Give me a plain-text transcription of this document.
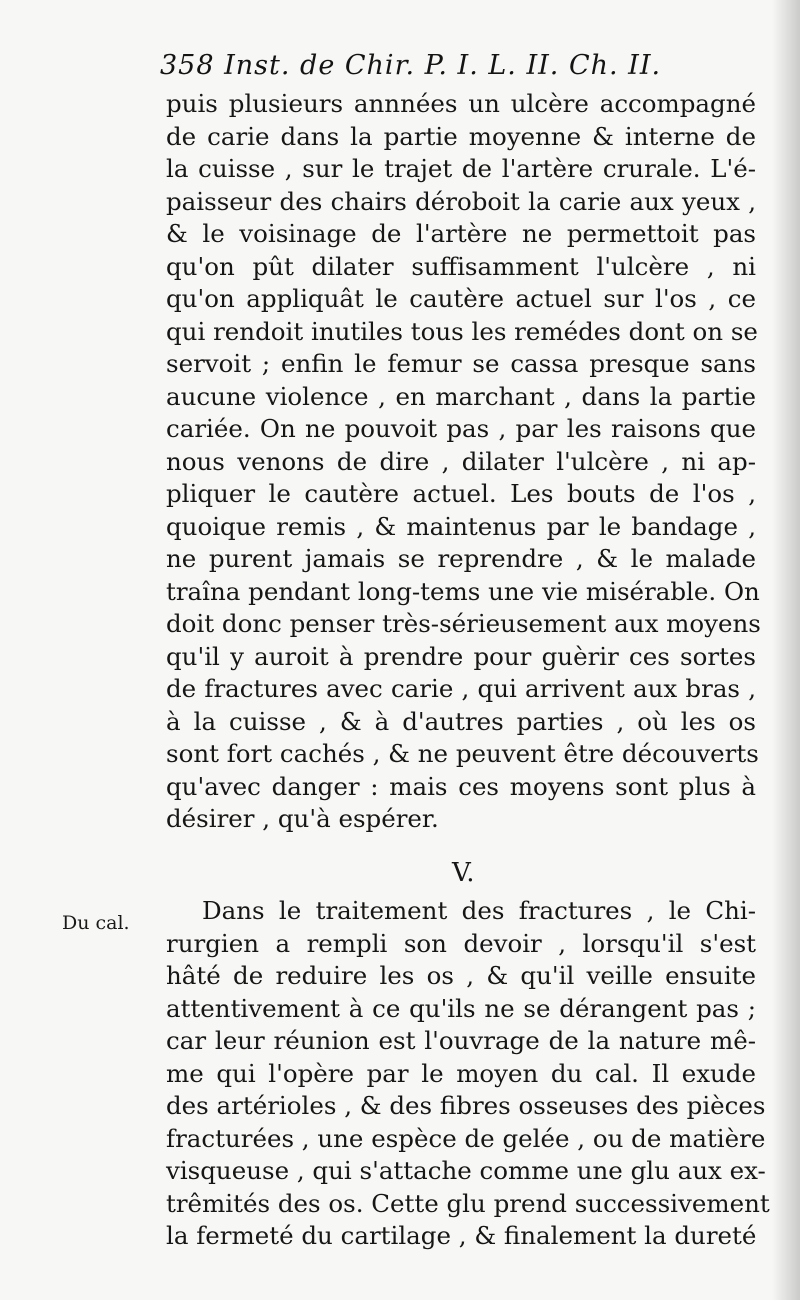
358 Inst. de Chir. P. I. L. II. Ch. II.
puis plusieurs annnées un ulcère accompagné
de carie dans la partie moyenne & interne de
la cuisse , sur le trajet de l'artère crurale. L'é-
paisseur des chairs déroboit la carie aux yeux ,
& le voisinage de l'artère ne permettoit pas
qu'on pût dilater suffisamment l'ulcère , ni
qu'on appliquât le cautère actuel sur l'os , ce
qui rendoit inutiles tous les remédes dont on se
servoit ; enfin le femur se cassa presque sans
aucune violence , en marchant , dans la partie
cariée. On ne pouvoit pas , par les raisons que
nous venons de dire , dilater l'ulcère , ni ap-
pliquer le cautère actuel. Les bouts de l'os ,
quoique remis , & maintenus par le bandage ,
ne purent jamais se reprendre , & le malade
traîna pendant long-tems une vie misérable. On
doit donc penser très-sérieusement aux moyens
qu'il y auroit à prendre pour guèrir ces sortes
de fractures avec carie , qui arrivent aux bras ,
à la cuisse , & à d'autres parties , où les os
sont fort cachés , & ne peuvent être découverts
qu'avec danger : mais ces moyens sont plus à
désirer , qu'à espérer.
V.
Du cal.	Dans le traitement des fractures , le Chi-
rurgien a rempli son devoir , lorsqu'il s'est
hâté de reduire les os , & qu'il veille ensuite
attentivement à ce qu'ils ne se dérangent pas ;
car leur réunion est l'ouvrage de la nature mê-
me qui l'opère par le moyen du cal. Il exude
des artérioles , & des fibres osseuses des pièces
fracturées , une espèce de gelée , ou de matière
visqueuse , qui s'attache comme une glu aux ex-
trêmités des os. Cette glu prend successivement
la fermeté du cartilage , & finalement la dureté
